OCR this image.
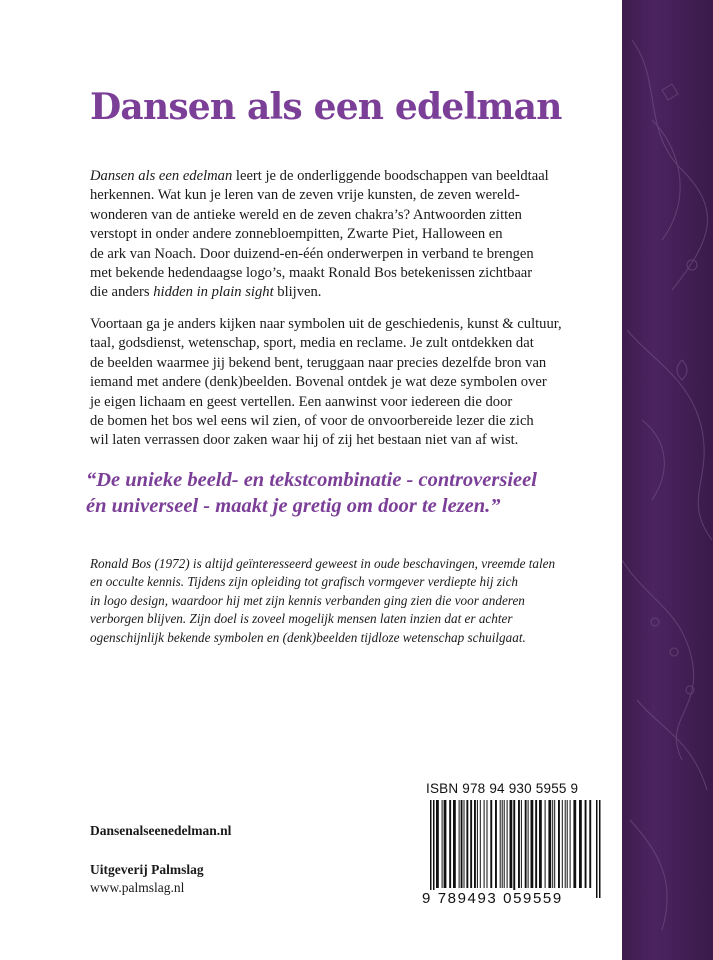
Dansen als een edelman

Dansen als een edelman leert je de onderliggende boodschappen van beeldtaal
herkennen. Wat kun je leren van de zeven vrije kunsten, de zeven wereld-
wonderen van de antieke wereld en de zeven chakra’s? Antwoorden zitten
verstopt in onder andere zonnebloempitten, Zwarte Piet, Halloween en
de ark van Noach. Door duizend-en-één onderwerpen in verband te brengen
met bekende hedendaagse logo’s, maakt Ronald Bos betekenissen zichtbaar
die anders hidden in plain sight blijven.

Voortaan ga je anders kijken naar symbolen uit de geschiedenis, kunst & cultuur,
taal, godsdienst, wetenschap, sport, media en reclame. Je zult ontdekken dat
de beelden waarmee jij bekend bent, teruggaan naar precies dezelfde bron van
iemand met andere (denk)beelden. Bovenal ontdek je wat deze symbolen over
je eigen lichaam en geest vertellen. Een aanwinst voor iedereen die door
de bomen het bos wel eens wil zien, of voor de onvoorbereide lezer die zich
wil laten verrassen door zaken waar hij of zij het bestaan niet van af wist.

“De unieke beeld- en tekstcombinatie - controversieel
én universeel - maakt je gretig om door te lezen.”

Ronald Bos (1972) is altijd geïnteresseerd geweest in oude beschavingen, vreemde talen
en occulte kennis. Tijdens zijn opleiding tot grafisch vormgever verdiepte hij zich
in logo design, waardoor hij met zijn kennis verbanden ging zien die voor anderen
verborgen blijven. Zijn doel is zoveel mogelijk mensen laten inzien dat er achter
ogenschijnlijk bekende symbolen en (denk)beelden tijdloze wetenschap schuilgaat.

Dansenalseenedelman.nl
Uitgeverij Palmslag
www.palmslag.nl
ISBN 978 94 930 5955 9
9 789493 059559
